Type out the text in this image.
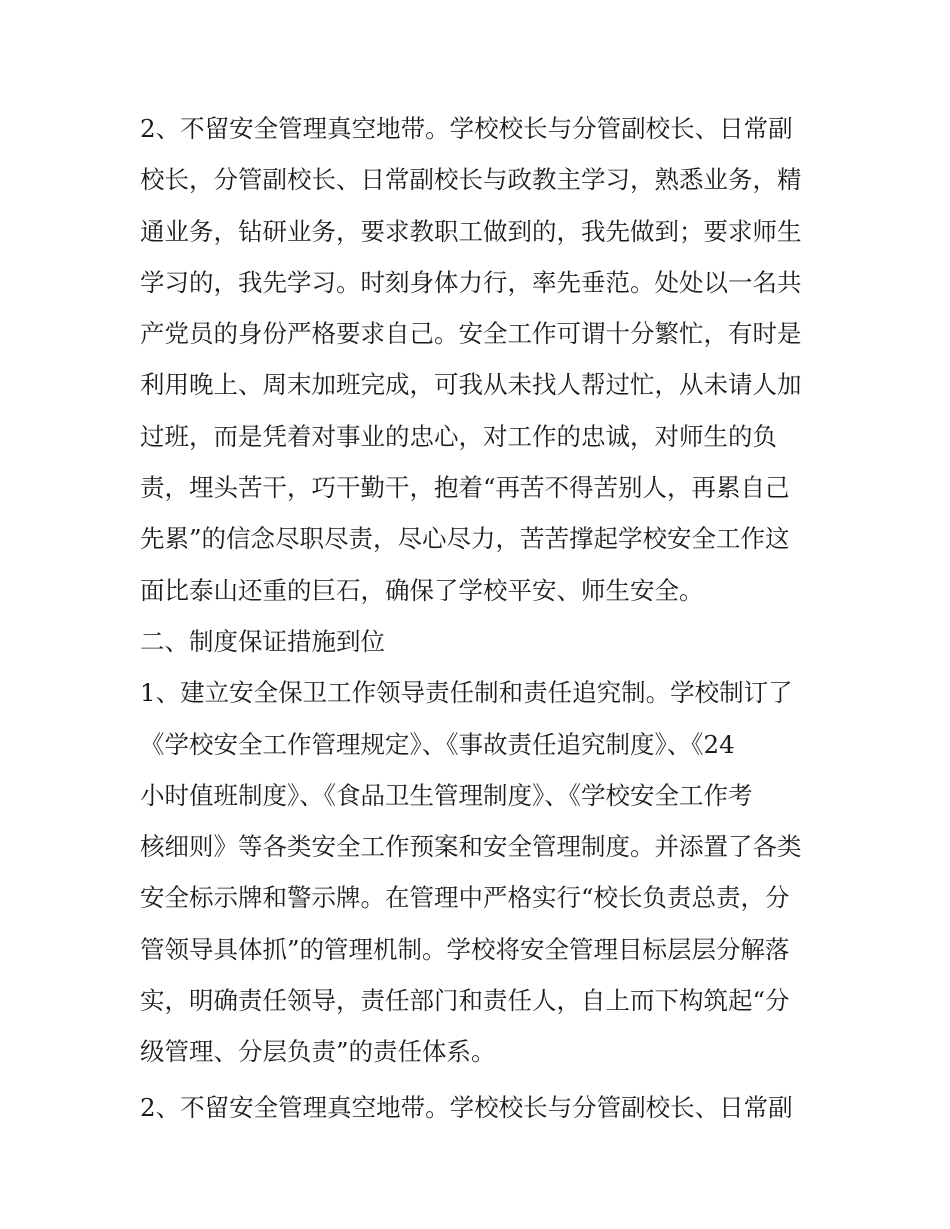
2、不留安全管理真空地带。学校校长与分管副校长、日常副
校长，分管副校长、日常副校长与政教主学习，熟悉业务，精
通业务，钻研业务，要求教职工做到的，我先做到；要求师生
学习的，我先学习。时刻身体力行，率先垂范。处处以一名共
产党员的身份严格要求自己。安全工作可谓十分繁忙，有时是
利用晚上、周末加班完成，可我从未找人帮过忙，从未请人加
过班，而是凭着对事业的忠心，对工作的忠诚，对师生的负
责，埋头苦干，巧干勤干，抱着“再苦不得苦别人，再累自己
先累”的信念尽职尽责，尽心尽力，苦苦撑起学校安全工作这
面比泰山还重的巨石，确保了学校平安、师生安全。
二、制度保证措施到位
1、建立安全保卫工作领导责任制和责任追究制。学校制订了
《学校安全工作管理规定》、《事故责任追究制度》、《24
小时值班制度》、《食品卫生管理制度》、《学校安全工作考
核细则》等各类安全工作预案和安全管理制度。并添置了各类
安全标示牌和警示牌。在管理中严格实行“校长负责总责，分
管领导具体抓”的管理机制。学校将安全管理目标层层分解落
实，明确责任领导，责任部门和责任人，自上而下构筑起“分
级管理、分层负责”的责任体系。
2、不留安全管理真空地带。学校校长与分管副校长、日常副
